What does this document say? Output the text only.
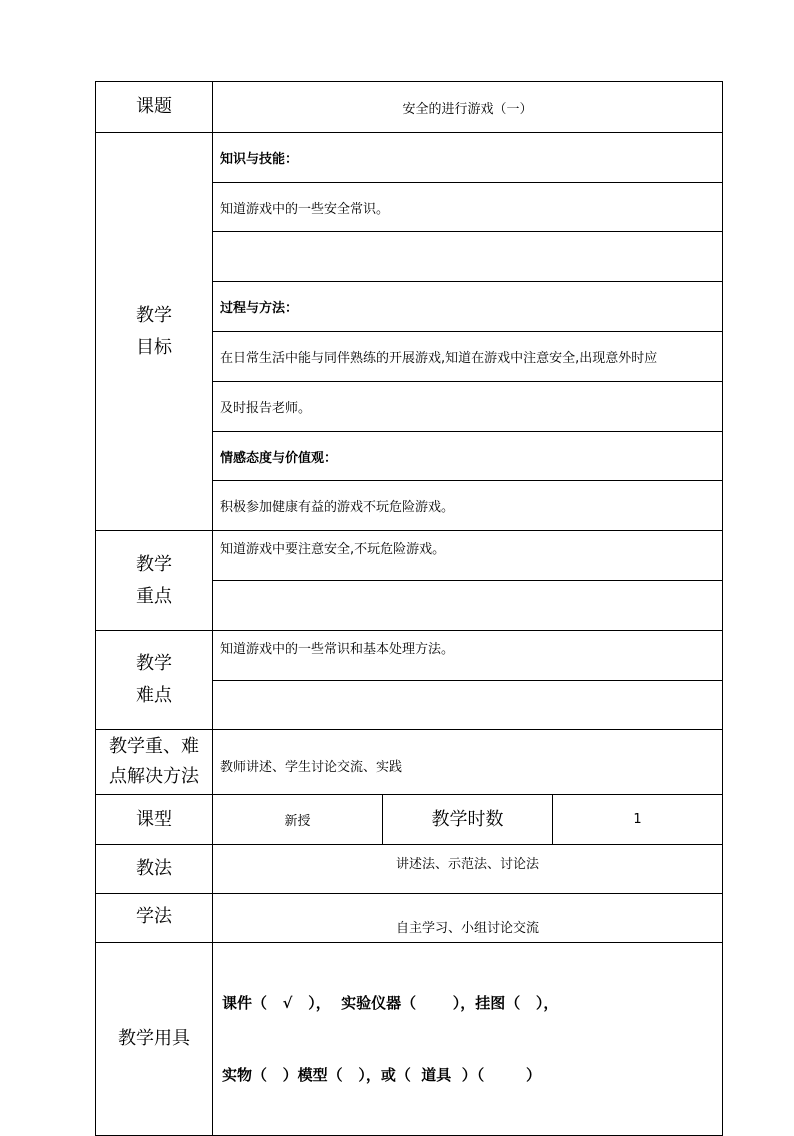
课题	安全的进行游戏（一）		

教学
目标	知识与技能：		
	知道游戏中的一些安全常识。		

	过程与方法：		
	在日常生活中能与同伴熟练的开展游戏,知道在游戏中注意安全,出现意外时应		
	及时报告老师。		
	情感态度与价值观：		
	积极参加健康有益的游戏不玩危险游戏。		

教学
重点	知道游戏中要注意安全,不玩危险游戏。		

教学
难点	知道游戏中的一些常识和基本处理方法。		

教学重、难
点解决方法	教师讲述、学生讨论交流、实践		
课型	新授	教学时数	1
教法	讲述法、示范法、讨论法		
学法	自主学习、小组讨论交流		
教学用具	课件（   √   ），  实验仪器（       ），挂图（   ），

实物（   ）模型（   ），或（  道具  ）（        ）		
